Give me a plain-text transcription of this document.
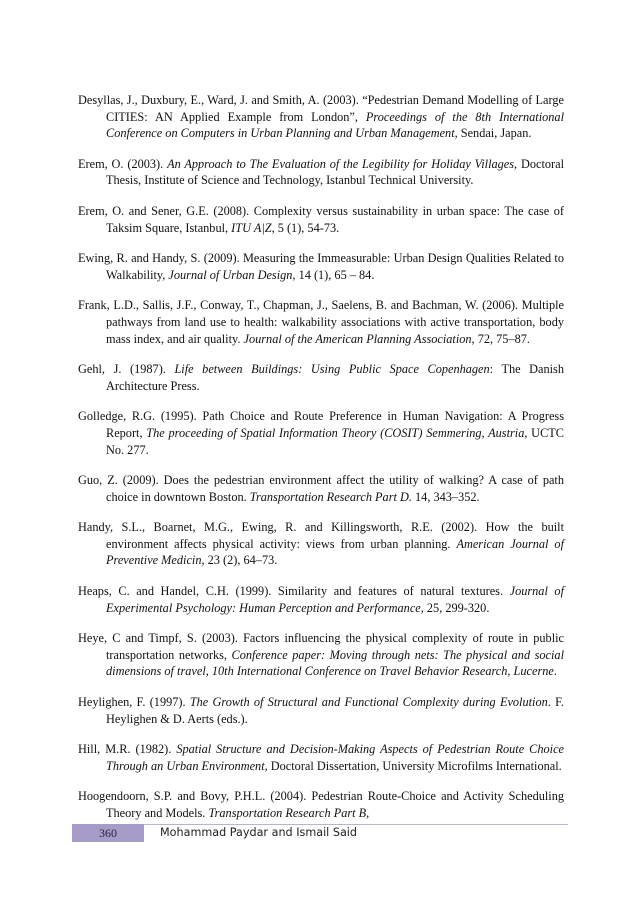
Desyllas, J., Duxbury, E., Ward, J. and Smith, A. (2003). “Pedestrian Demand Modelling of Large CITIES: AN Applied Example from London”, Proceedings of the 8th International Conference on Computers in Urban Planning and Urban Management, Sendai, Japan.

Erem, O. (2003). An Approach to The Evaluation of the Legibility for Holiday Villages, Doctoral Thesis, Institute of Science and Technology, Istanbul Technical University.

Erem, O. and Sener, G.E. (2008). Complexity versus sustainability in urban space: The case of Taksim Square, Istanbul, ITU A|Z, 5 (1), 54-73.

Ewing, R. and Handy, S. (2009). Measuring the Immeasurable: Urban Design Qualities Related to Walkability, Journal of Urban Design, 14 (1), 65 – 84.

Frank, L.D., Sallis, J.F., Conway, T., Chapman, J., Saelens, B. and Bachman, W. (2006). Multiple pathways from land use to health: walkability associations with active transportation, body mass index, and air quality. Journal of the American Planning Association, 72, 75–87.

Gehl, J. (1987). Life between Buildings: Using Public Space Copenhagen: The Danish Architecture Press.

Golledge, R.G. (1995). Path Choice and Route Preference in Human Navigation: A Progress Report, The proceeding of Spatial Information Theory (COSIT) Semmering, Austria, UCTC No. 277.

Guo, Z. (2009). Does the pedestrian environment affect the utility of walking? A case of path choice in downtown Boston. Transportation Research Part D. 14, 343–352.

Handy, S.L., Boarnet, M.G., Ewing, R. and Killingsworth, R.E. (2002). How the built environment affects physical activity: views from urban planning. American Journal of Preventive Medicin, 23 (2), 64–73.

Heaps, C. and Handel, C.H. (1999). Similarity and features of natural textures. Journal of Experimental Psychology: Human Perception and Performance, 25, 299-320.

Heye, C and Timpf, S. (2003). Factors influencing the physical complexity of route in public transportation networks, Conference paper: Moving through nets: The physical and social dimensions of travel, 10th International Conference on Travel Behavior Research, Lucerne.

Heylighen, F. (1997). The Growth of Structural and Functional Complexity during Evolution. F. Heylighen & D. Aerts (eds.).

Hill, M.R. (1982). Spatial Structure and Decision-Making Aspects of Pedestrian Route Choice Through an Urban Environment, Doctoral Dissertation, University Microfilms International.

Hoogendoorn, S.P. and Bovy, P.H.L. (2004). Pedestrian Route-Choice and Activity Scheduling Theory and Models. Transportation Research Part B,

360	Mohammad Paydar and Ismail Said
